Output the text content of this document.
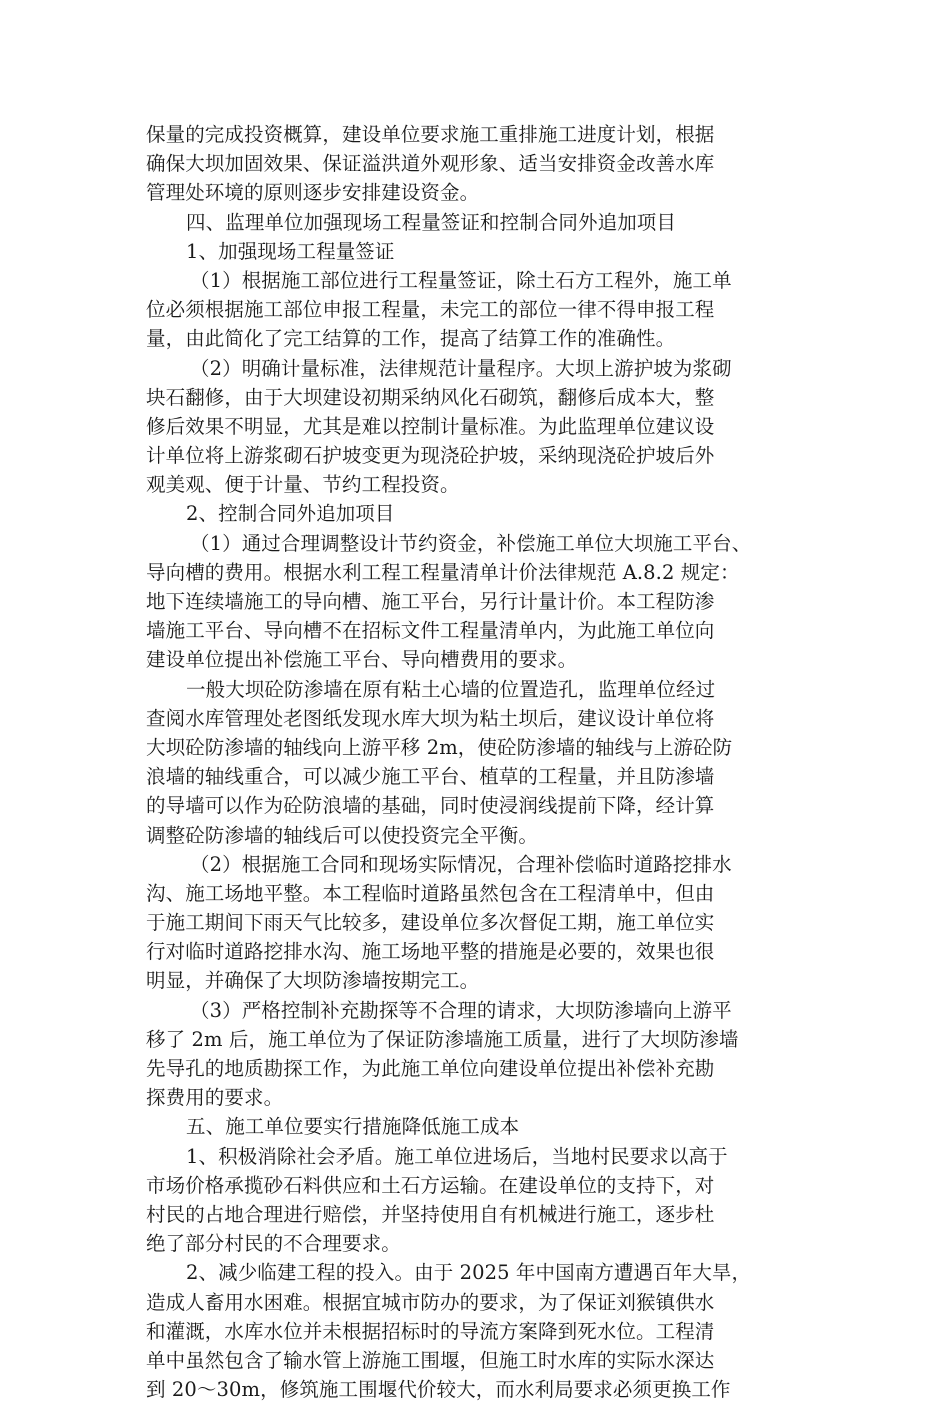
保量的完成投资概算，建设单位要求施工重排施工进度计划，根据
确保大坝加固效果、保证溢洪道外观形象、适当安排资金改善水库
管理处环境的原则逐步安排建设资金。
四、监理单位加强现场工程量签证和控制合同外追加项目
1、加强现场工程量签证
（1）根据施工部位进行工程量签证，除土石方工程外，施工单
位必须根据施工部位申报工程量，未完工的部位一律不得申报工程
量，由此简化了完工结算的工作，提高了结算工作的准确性。
（2）明确计量标准，法律规范计量程序。大坝上游护坡为浆砌
块石翻修，由于大坝建设初期采纳风化石砌筑，翻修后成本大，整
修后效果不明显，尤其是难以控制计量标准。为此监理单位建议设
计单位将上游浆砌石护坡变更为现浇砼护坡，采纳现浇砼护坡后外
观美观、便于计量、节约工程投资。
2、控制合同外追加项目
（1）通过合理调整设计节约资金，补偿施工单位大坝施工平台、
导向槽的费用。根据水利工程工程量清单计价法律规范 A.8.2 规定：
地下连续墙施工的导向槽、施工平台，另行计量计价。本工程防渗
墙施工平台、导向槽不在招标文件工程量清单内，为此施工单位向
建设单位提出补偿施工平台、导向槽费用的要求。
一般大坝砼防渗墙在原有粘土心墙的位置造孔，监理单位经过
查阅水库管理处老图纸发现水库大坝为粘土坝后，建议设计单位将
大坝砼防渗墙的轴线向上游平移 2m，使砼防渗墙的轴线与上游砼防
浪墙的轴线重合，可以减少施工平台、植草的工程量，并且防渗墙
的导墙可以作为砼防浪墙的基础，同时使浸润线提前下降，经计算
调整砼防渗墙的轴线后可以使投资完全平衡。
（2）根据施工合同和现场实际情况，合理补偿临时道路挖排水
沟、施工场地平整。本工程临时道路虽然包含在工程清单中，但由
于施工期间下雨天气比较多，建设单位多次督促工期，施工单位实
行对临时道路挖排水沟、施工场地平整的措施是必要的，效果也很
明显，并确保了大坝防渗墙按期完工。
（3）严格控制补充勘探等不合理的请求，大坝防渗墙向上游平
移了 2m 后，施工单位为了保证防渗墙施工质量，进行了大坝防渗墙
先导孔的地质勘探工作，为此施工单位向建设单位提出补偿补充勘
探费用的要求。
五、施工单位要实行措施降低施工成本
1、积极消除社会矛盾。施工单位进场后，当地村民要求以高于
市场价格承揽砂石料供应和土石方运输。在建设单位的支持下，对
村民的占地合理进行赔偿，并坚持使用自有机械进行施工，逐步杜
绝了部分村民的不合理要求。
2、减少临建工程的投入。由于 2025 年中国南方遭遇百年大旱，
造成人畜用水困难。根据宜城市防办的要求，为了保证刘猴镇供水
和灌溉，水库水位并未根据招标时的导流方案降到死水位。工程清
单中虽然包含了输水管上游施工围堰，但施工时水库的实际水深达
到 20～30m，修筑施工围堰代价较大，而水利局要求必须更换工作
